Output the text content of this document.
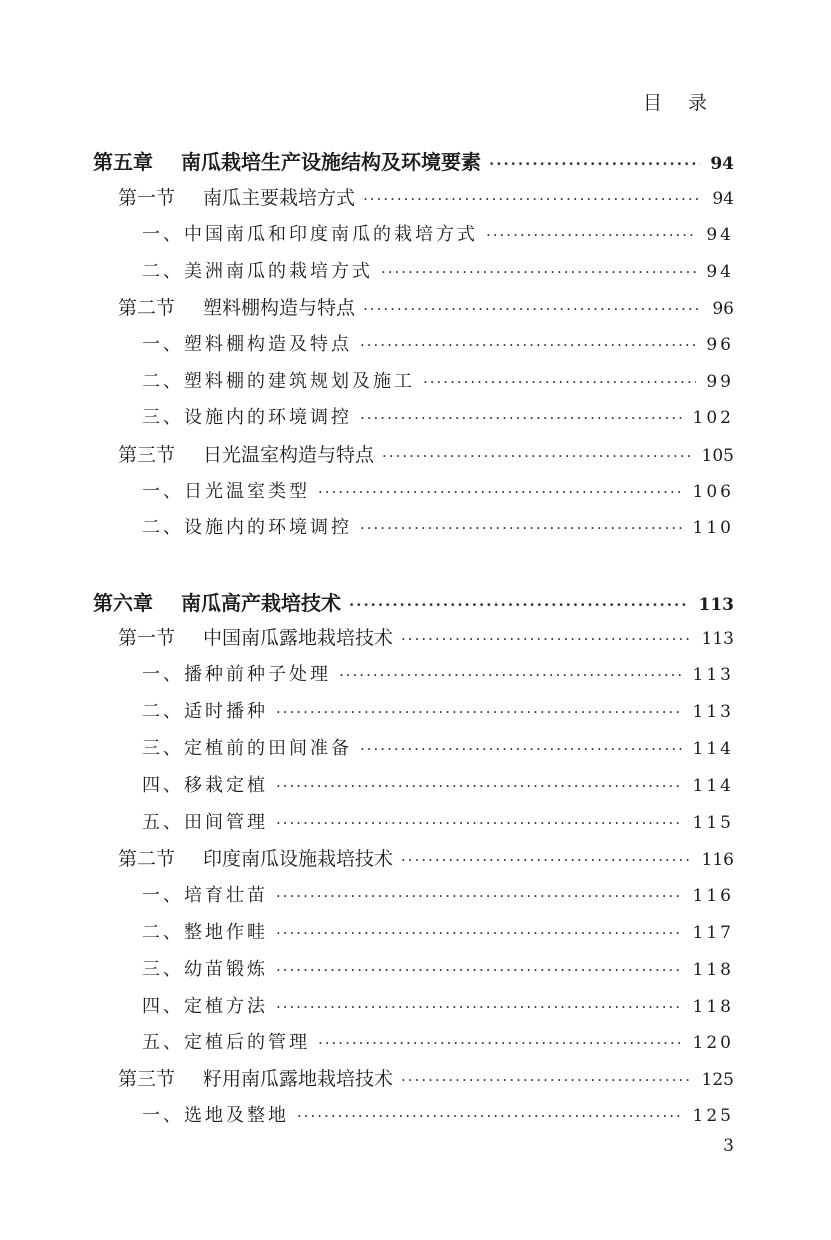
目录
第五章 南瓜栽培生产设施结构及环境要素 ·····	94
第一节 南瓜主要栽培方式 ·····	94
一、中国南瓜和印度南瓜的栽培方式 ·····	94
二、美洲南瓜的栽培方式 ·····	94
第二节 塑料棚构造与特点 ·····	96
一、塑料棚构造及特点 ·····	96
二、塑料棚的建筑规划及施工 ·····	99
三、设施内的环境调控 ·····	102
第三节 日光温室构造与特点 ·····	105
一、日光温室类型 ·····	106
二、设施内的环境调控 ·····	110
第六章 南瓜高产栽培技术 ·····	113
第一节 中国南瓜露地栽培技术 ·····	113
一、播种前种子处理 ·····	113
二、适时播种 ·····	113
三、定植前的田间准备 ·····	114
四、移栽定植 ·····	114
五、田间管理 ·····	115
第二节 印度南瓜设施栽培技术 ·····	116
一、培育壮苗 ·····	116
二、整地作畦 ·····	117
三、幼苗锻炼 ·····	118
四、定植方法 ·····	118
五、定植后的管理 ·····	120
第三节 籽用南瓜露地栽培技术 ·····	125
一、选地及整地 ·····	125
3
